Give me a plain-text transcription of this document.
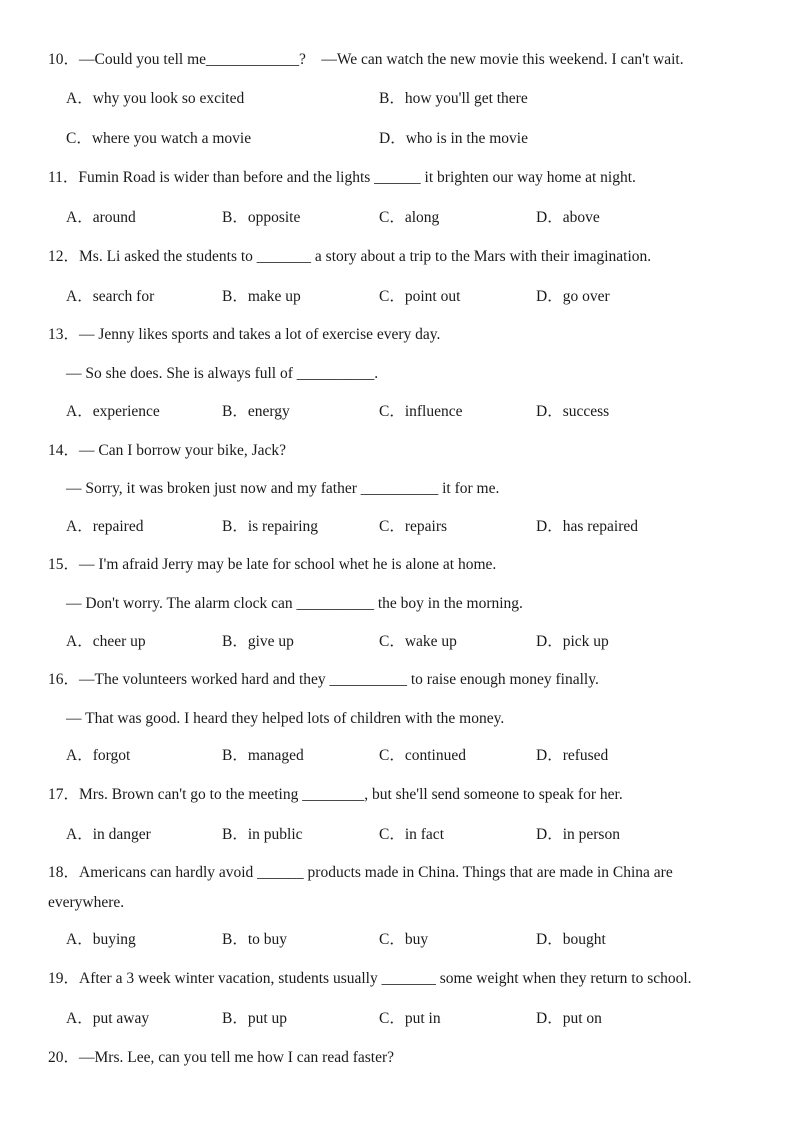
10．—Could you tell me____________?    —We can watch the new movie this weekend. I can't wait.
A．why you look so excited	B．how you'll get there
C．where you watch a movie	D．who is in the movie
11．Fumin Road is wider than before and the lights ______ it brighten our way home at night.
A．around	B．opposite	C．along	D．above
12．Ms. Li asked the students to _______ a story about a trip to the Mars with their imagination.
A．search for	B．make up	C．point out	D．go over
13．— Jenny likes sports and takes a lot of exercise every day.
— So she does. She is always full of __________.
A．experience	B．energy	C．influence	D．success
14．— Can I borrow your bike, Jack?
— Sorry, it was broken just now and my father __________ it for me.
A．repaired	B．is repairing	C．repairs	D．has repaired
15．— I'm afraid Jerry may be late for school whet he is alone at home.
— Don't worry. The alarm clock can __________ the boy in the morning.
A．cheer up	B．give up	C．wake up	D．pick up
16．—The volunteers worked hard and they __________ to raise enough money finally.
— That was good. I heard they helped lots of children with the money.
A．forgot	B．managed	C．continued	D．refused
17．Mrs. Brown can't go to the meeting ________, but she'll send someone to speak for her.
A．in danger	B．in public	C．in fact	D．in person
18．Americans can hardly avoid ______ products made in China. Things that are made in China are
everywhere.
A．buying	B．to buy	C．buy	D．bought
19．After a 3 week winter vacation, students usually _______ some weight when they return to school.
A．put away	B．put up	C．put in	D．put on
20．—Mrs. Lee, can you tell me how I can read faster?
